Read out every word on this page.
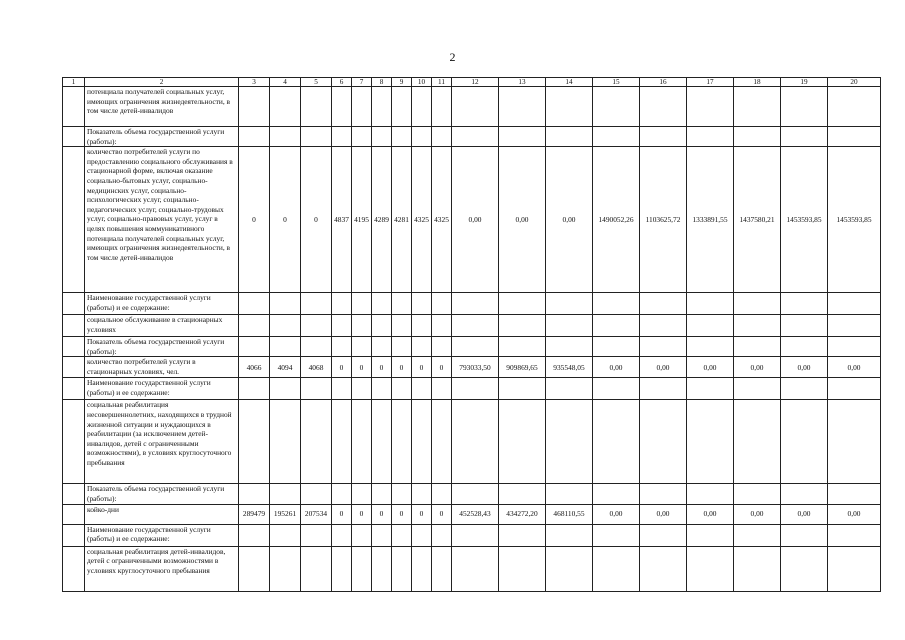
2
1	2	3	4	5	6	7	8	9	10	11	12	13	14	15	16	17	18	19	20
	потенциала получателей социальных услуг, имеющих ограничения жизнедеятельности, в том числе детей-инвалидов																		
	Показатель объема государственной услуги (работы):																		
	количество потребителей услуги по предоставлению социального обслуживания в стационарной форме, включая оказание социально-бытовых услуг, социально-медицинских услуг, социально-психологических услуг, социально-педагогических услуг, социально-трудовых услуг, социально-правовых услуг, услуг в целях повышения коммуникативного потенциала получателей социальных услуг, имеющих ограничения жизнедеятельности, в том числе детей-инвалидов	0	0	0	4837	4195	4289	4281	4325	4325	0,00	0,00	0,00	1490052,26	1103625,72	1333891,55	1437580,21	1453593,85	1453593,85
	Наименование государственной услуги (работы) и ее содержание:																		
	социальное обслуживание в стационарных условиях																		
	Показатель объема государственной услуги (работы):																		
	количество потребителей услуги в стационарных условиях, чел.	4066	4094	4068	0	0	0	0	0	0	793033,50	909869,65	935548,05	0,00	0,00	0,00	0,00	0,00	0,00
	Наименование государственной услуги (работы) и ее содержание:																		
	социальная реабилитация несовершеннолетних, находящихся в трудной жизненной ситуации и нуждающихся в реабилитации (за исключением детей-инвалидов, детей с ограниченными возможностями), в условиях круглосуточного пребывания																		
	Показатель объема государственной услуги (работы):																		
	койко-дни	289479	195261	207534	0	0	0	0	0	0	452528,43	434272,20	468110,55	0,00	0,00	0,00	0,00	0,00	0,00
	Наименование государственной услуги (работы) и ее содержание:																		
	социальная реабилитация детей-инвалидов, детей с ограниченными возможностями в условиях круглосуточного пребывания																		
